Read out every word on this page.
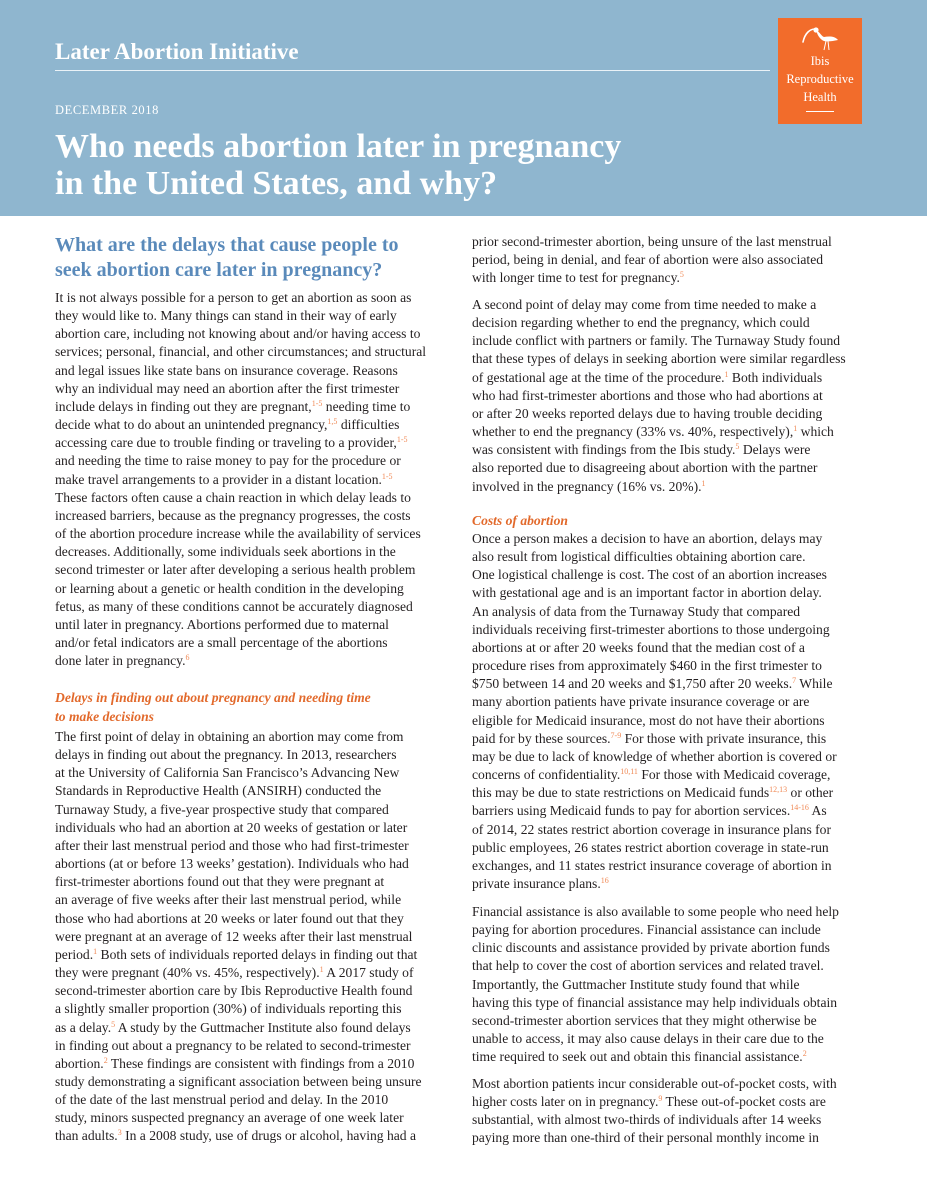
Later Abortion Initiative
DECEMBER 2018
Who needs abortion later in pregnancy
in the United States, and why?
Ibis
Reproductive
Health
What are the delays that cause people to
seek abortion care later in pregnancy?
It is not always possible for a person to get an abortion as soon as
they would like to. Many things can stand in their way of early
abortion care, including not knowing about and/or having access to
services; personal, financial, and other circumstances; and structural
and legal issues like state bans on insurance coverage. Reasons
why an individual may need an abortion after the first trimester
include delays in finding out they are pregnant,$^{1-5}$ needing time to
decide what to do about an unintended pregnancy,$^{1,5}$ difficulties
accessing care due to trouble finding or traveling to a provider,$^{1-5}$
and needing the time to raise money to pay for the procedure or
make travel arrangements to a provider in a distant location.$^{1-5}$
These factors often cause a chain reaction in which delay leads to
increased barriers, because as the pregnancy progresses, the costs
of the abortion procedure increase while the availability of services
decreases. Additionally, some individuals seek abortions in the
second trimester or later after developing a serious health problem
or learning about a genetic or health condition in the developing
fetus, as many of these conditions cannot be accurately diagnosed
until later in pregnancy. Abortions performed due to maternal
and/or fetal indicators are a small percentage of the abortions
done later in pregnancy.$^6$
Delays in finding out about pregnancy and needing time
to make decisions
The first point of delay in obtaining an abortion may come from
delays in finding out about the pregnancy. In 2013, researchers
at the University of California San Francisco’s Advancing New
Standards in Reproductive Health (ANSIRH) conducted the
Turnaway Study, a five-year prospective study that compared
individuals who had an abortion at 20 weeks of gestation or later
after their last menstrual period and those who had first-trimester
abortions (at or before 13 weeks’ gestation). Individuals who had
first-trimester abortions found out that they were pregnant at
an average of five weeks after their last menstrual period, while
those who had abortions at 20 weeks or later found out that they
were pregnant at an average of 12 weeks after their last menstrual
period.$^1$ Both sets of individuals reported delays in finding out that
they were pregnant (40% vs. 45%, respectively).$^1$ A 2017 study of
second-trimester abortion care by Ibis Reproductive Health found
a slightly smaller proportion (30%) of individuals reporting this
as a delay.$^5$ A study by the Guttmacher Institute also found delays
in finding out about a pregnancy to be related to second-trimester
abortion.$^2$ These findings are consistent with findings from a 2010
study demonstrating a significant association between being unsure
of the date of the last menstrual period and delay. In the 2010
study, minors suspected pregnancy an average of one week later
than adults.$^3$ In a 2008 study, use of drugs or alcohol, having had a
prior second-trimester abortion, being unsure of the last menstrual
period, being in denial, and fear of abortion were also associated
with longer time to test for pregnancy.$^5$
A second point of delay may come from time needed to make a
decision regarding whether to end the pregnancy, which could
include conflict with partners or family. The Turnaway Study found
that these types of delays in seeking abortion were similar regardless
of gestational age at the time of the procedure.$^1$ Both individuals
who had first-trimester abortions and those who had abortions at
or after 20 weeks reported delays due to having trouble deciding
whether to end the pregnancy (33% vs. 40%, respectively),$^1$ which
was consistent with findings from the Ibis study.$^5$ Delays were
also reported due to disagreeing about abortion with the partner
involved in the pregnancy (16% vs. 20%).$^1$
Costs of abortion
Once a person makes a decision to have an abortion, delays may
also result from logistical difficulties obtaining abortion care.
One logistical challenge is cost. The cost of an abortion increases
with gestational age and is an important factor in abortion delay.
An analysis of data from the Turnaway Study that compared
individuals receiving first-trimester abortions to those undergoing
abortions at or after 20 weeks found that the median cost of a
procedure rises from approximately $460 in the first trimester to
$750 between 14 and 20 weeks and $1,750 after 20 weeks.$^7$ While
many abortion patients have private insurance coverage or are
eligible for Medicaid insurance, most do not have their abortions
paid for by these sources.$^{7-9}$ For those with private insurance, this
may be due to lack of knowledge of whether abortion is covered or
concerns of confidentiality.$^{10,11}$ For those with Medicaid coverage,
this may be due to state restrictions on Medicaid funds$^{12,13}$ or other
barriers using Medicaid funds to pay for abortion services.$^{14-16}$ As
of 2014, 22 states restrict abortion coverage in insurance plans for
public employees, 26 states restrict abortion coverage in state-run
exchanges, and 11 states restrict insurance coverage of abortion in
private insurance plans.$^{16}$
Financial assistance is also available to some people who need help
paying for abortion procedures. Financial assistance can include
clinic discounts and assistance provided by private abortion funds
that help to cover the cost of abortion services and related travel.
Importantly, the Guttmacher Institute study found that while
having this type of financial assistance may help individuals obtain
second-trimester abortion services that they might otherwise be
unable to access, it may also cause delays in their care due to the
time required to seek out and obtain this financial assistance.$^2$
Most abortion patients incur considerable out-of-pocket costs, with
higher costs later on in pregnancy.$^9$ These out-of-pocket costs are
substantial, with almost two-thirds of individuals after 14 weeks
paying more than one-third of their personal monthly income in
